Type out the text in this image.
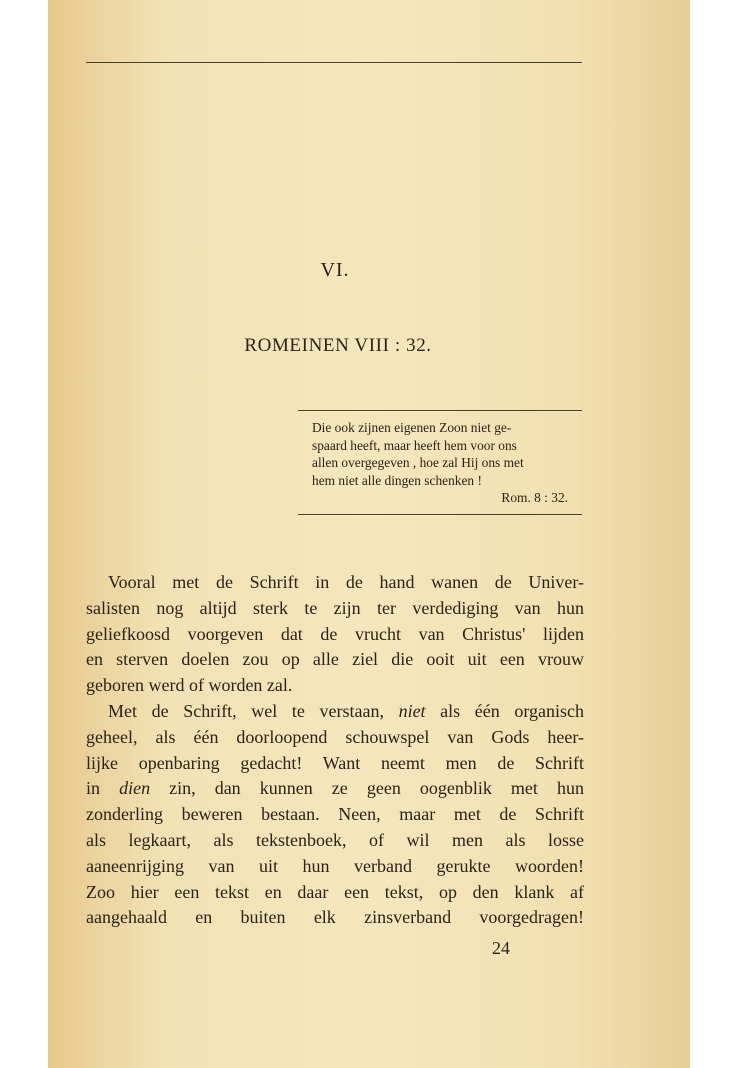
VI.
ROMEINEN VIII : 32.
Die ook zijnen eigenen Zoon niet ge-
spaard heeft, maar heeft hem voor ons
allen overgegeven , hoe zal Hij ons met
hem niet alle dingen schenken !
Rom. 8 : 32.
Vooral met de Schrift in de hand wanen de Univer-
salisten nog altijd sterk te zijn ter verdediging van hun
geliefkoosd voorgeven dat de vrucht van Christus' lijden
en sterven doelen zou op alle ziel die ooit uit een vrouw
geboren werd of worden zal.
Met de Schrift, wel te verstaan, niet als één organisch
geheel, als één doorloopend schouwspel van Gods heer-
lijke openbaring gedacht! Want neemt men de Schrift
in dien zin, dan kunnen ze geen oogenblik met hun
zonderling beweren bestaan. Neen, maar met de Schrift
als legkaart, als tekstenboek, of wil men als losse
aaneenrijging van uit hun verband gerukte woorden!
Zoo hier een tekst en daar een tekst, op den klank af
aangehaald en buiten elk zinsverband voorgedragen!
24
